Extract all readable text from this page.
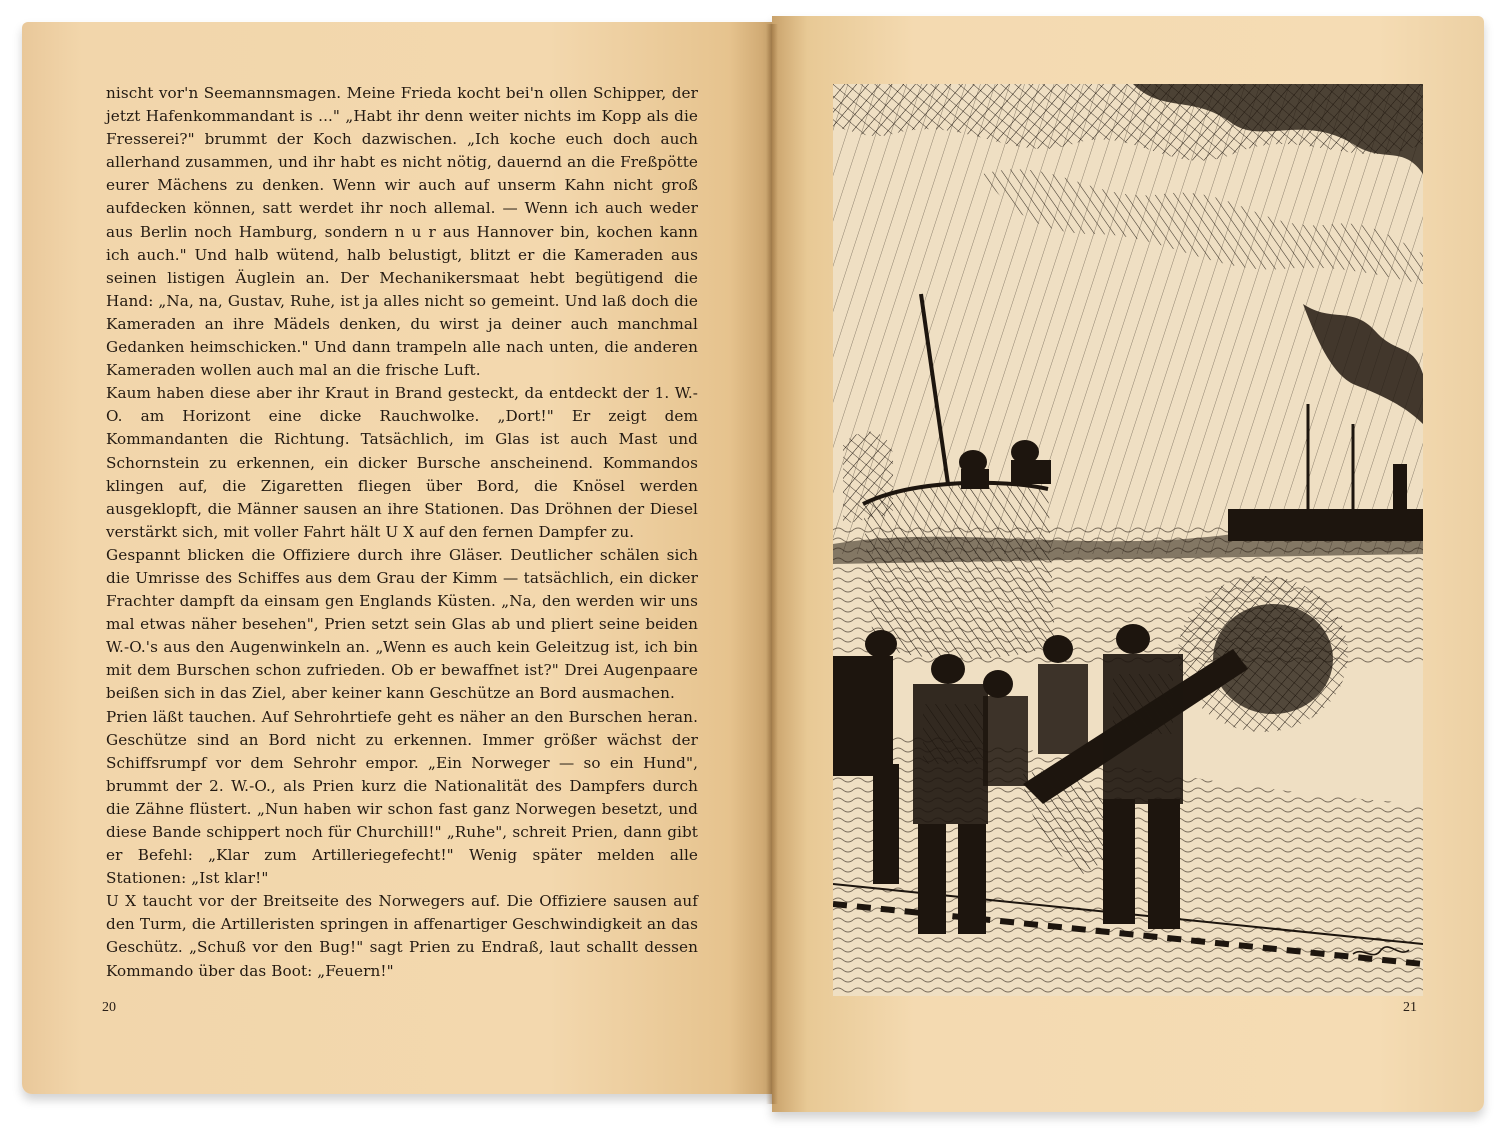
nischt vor'n Seemannsmagen. Meine Frieda kocht bei'n ollen Schipper, der jetzt Hafenkommandant is ..." „Habt ihr denn weiter nichts im Kopp als die Fresserei?" brummt der Koch dazwischen. „Ich koche euch doch auch allerhand zusammen, und ihr habt es nicht nötig, dauernd an die Freßpötte eurer Mächens zu denken. Wenn wir auch auf unserm Kahn nicht groß aufdecken können, satt werdet ihr noch allemal. — Wenn ich auch weder aus Berlin noch Hamburg, sondern n u r aus Hannover bin, kochen kann ich auch." Und halb wütend, halb belustigt, blitzt er die Kameraden aus seinen listigen Äuglein an. Der Mechanikersmaat hebt begütigend die Hand: „Na, na, Gustav, Ruhe, ist ja alles nicht so gemeint. Und laß doch die Kameraden an ihre Mädels denken, du wirst ja deiner auch manchmal Gedanken heimschicken." Und dann trampeln alle nach unten, die anderen Kameraden wollen auch mal an die frische Luft.

Kaum haben diese aber ihr Kraut in Brand gesteckt, da entdeckt der 1. W.-O. am Horizont eine dicke Rauchwolke. „Dort!" Er zeigt dem Kommandanten die Richtung. Tatsächlich, im Glas ist auch Mast und Schornstein zu erkennen, ein dicker Bursche anscheinend. Kommandos klingen auf, die Zigaretten fliegen über Bord, die Knösel werden ausgeklopft, die Männer sausen an ihre Stationen. Das Dröhnen der Diesel verstärkt sich, mit voller Fahrt hält U X auf den fernen Dampfer zu.

Gespannt blicken die Offiziere durch ihre Gläser. Deutlicher schälen sich die Umrisse des Schiffes aus dem Grau der Kimm — tatsächlich, ein dicker Frachter dampft da einsam gen Englands Küsten. „Na, den werden wir uns mal etwas näher besehen", Prien setzt sein Glas ab und pliert seine beiden W.-O.'s aus den Augenwinkeln an. „Wenn es auch kein Geleitzug ist, ich bin mit dem Burschen schon zufrieden. Ob er bewaffnet ist?" Drei Augenpaare beißen sich in das Ziel, aber keiner kann Geschütze an Bord ausmachen.

Prien läßt tauchen. Auf Sehrohrtiefe geht es näher an den Burschen heran. Geschütze sind an Bord nicht zu erkennen. Immer größer wächst der Schiffsrumpf vor dem Sehrohr empor. „Ein Norweger — so ein Hund", brummt der 2. W.-O., als Prien kurz die Nationalität des Dampfers durch die Zähne flüstert. „Nun haben wir schon fast ganz Norwegen besetzt, und diese Bande schippert noch für Churchill!" „Ruhe", schreit Prien, dann gibt er Befehl: „Klar zum Artilleriegefecht!" Wenig später melden alle Stationen: „Ist klar!"

U X taucht vor der Breitseite des Norwegers auf. Die Offiziere sausen auf den Turm, die Artilleristen springen in affenartiger Geschwindigkeit an das Geschütz. „Schuß vor den Bug!" sagt Prien zu Endraß, laut schallt dessen Kommando über das Boot: „Feuern!"

20	21
